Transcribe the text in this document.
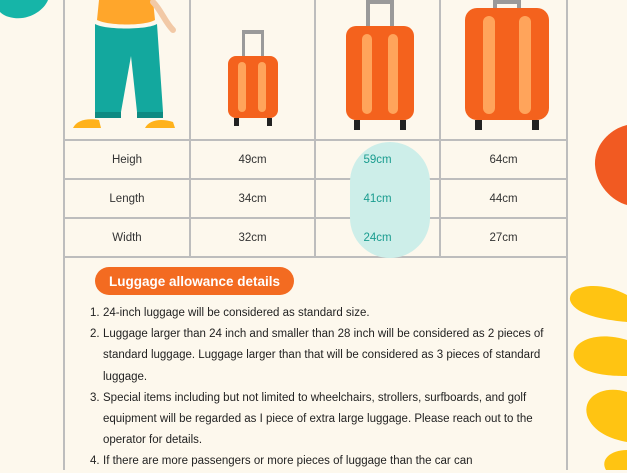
Heigh	49cm	59cm	64cm
Length	34cm	41cm	44cm
Width	32cm	24cm	27cm
Luggage allowance details
1. 24-inch luggage will be considered as standard size.
2. Luggage larger than 24 inch and smaller than 28 inch will be considered as 2 pieces of standard luggage. Luggage larger than that will be considered as 3 pieces of standard luggage.
3. Special items including but not limited to wheelchairs, strollers, surfboards, and golf equipment will be regarded as I piece of extra large luggage. Please reach out to the operator for details.
4. If there are more passengers or more pieces of luggage than the car can
